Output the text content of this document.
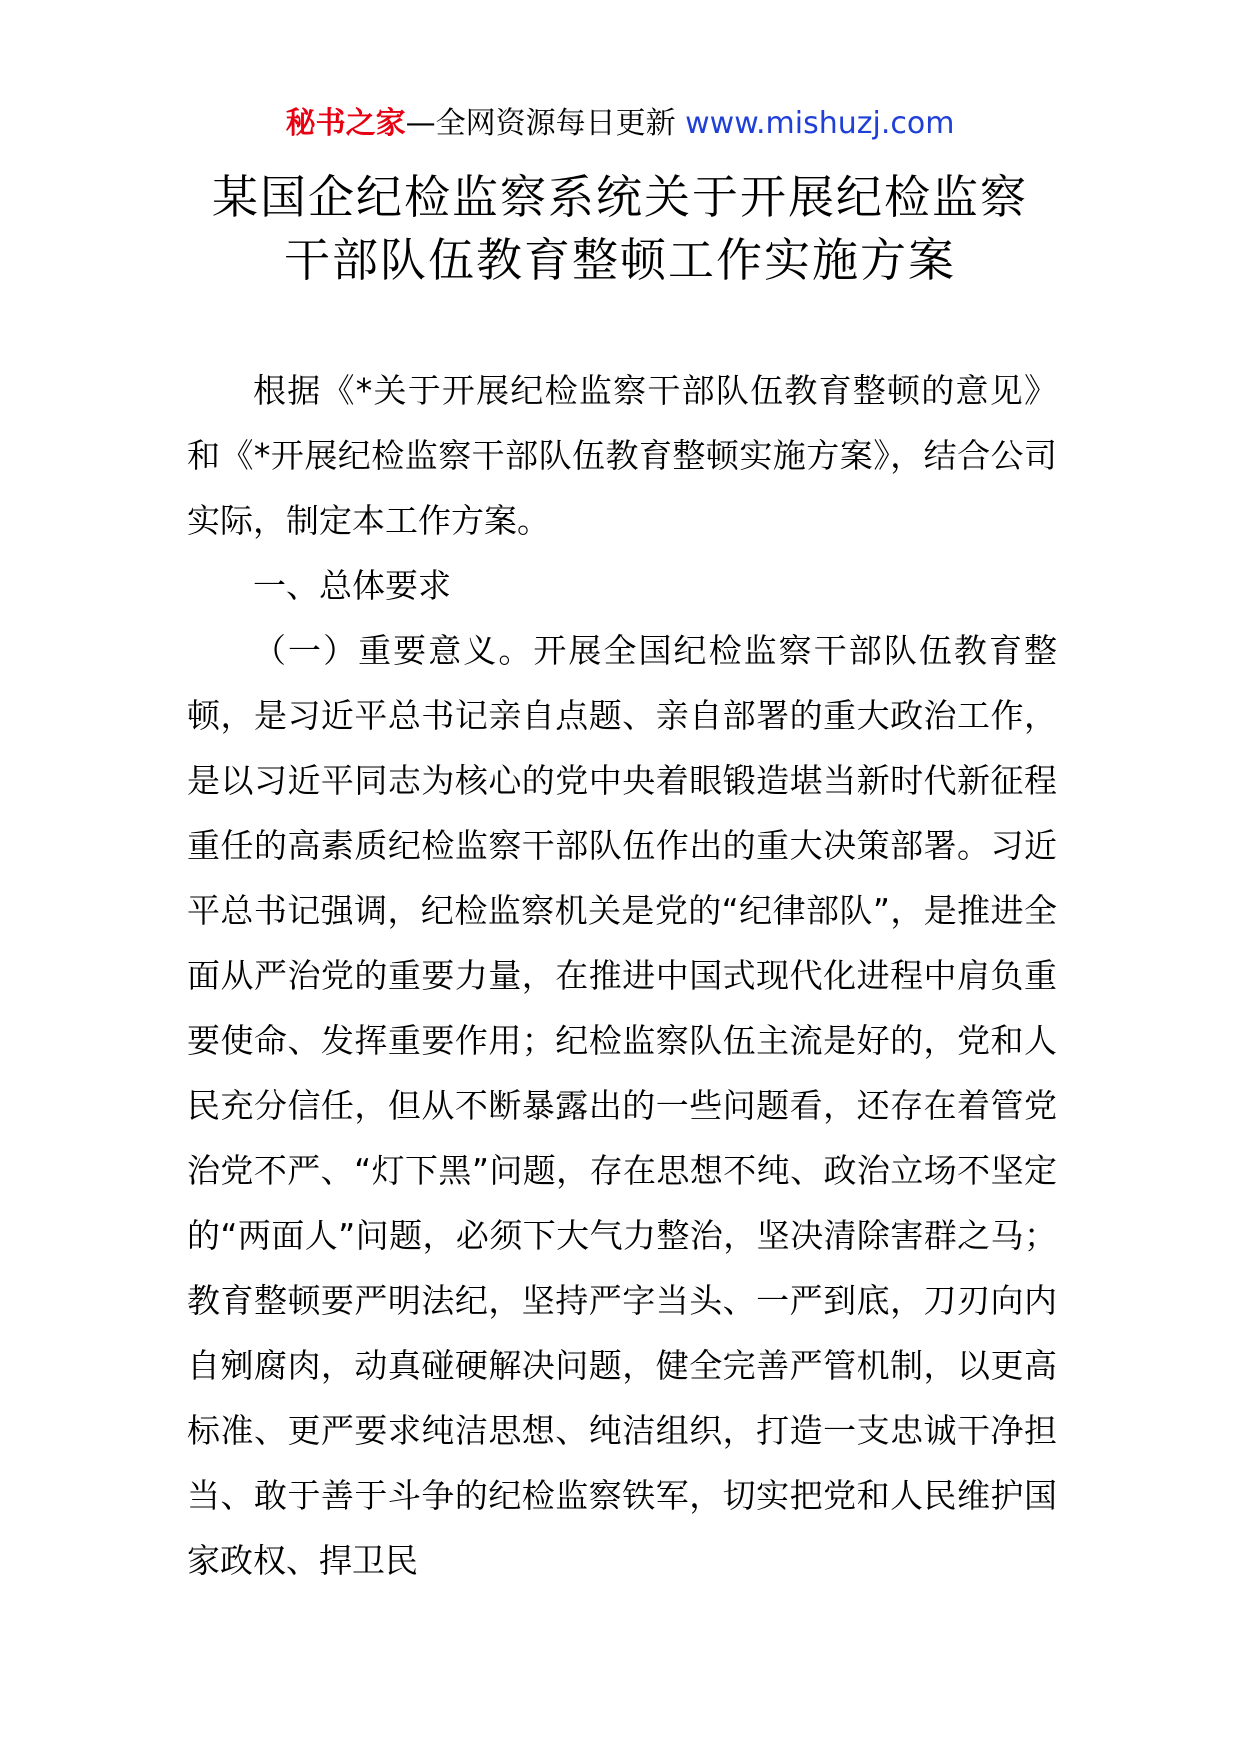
秘书之家—全网资源每日更新 www.mishuzj.com
某国企纪检监察系统关于开展纪检监察
干部队伍教育整顿工作实施方案

根据《*关于开展纪检监察干部队伍教育整顿的意见》和《*开展纪检监察干部队伍教育整顿实施方案》，结合公司实际，制定本工作方案。

一、总体要求

（一）重要意义。开展全国纪检监察干部队伍教育整顿，是习近平总书记亲自点题、亲自部署的重大政治工作，是以习近平同志为核心的党中央着眼锻造堪当新时代新征程重任的高素质纪检监察干部队伍作出的重大决策部署。习近平总书记强调，纪检监察机关是党的“纪律部队”，是推进全面从严治党的重要力量，在推进中国式现代化进程中肩负重要使命、发挥重要作用；纪检监察队伍主流是好的，党和人民充分信任，但从不断暴露出的一些问题看，还存在着管党治党不严、“灯下黑”问题，存在思想不纯、政治立场不坚定的“两面人”问题，必须下大气力整治，坚决清除害群之马；教育整顿要严明法纪，坚持严字当头、一严到底，刀刃向内自剜腐肉，动真碰硬解决问题，健全完善严管机制，以更高标准、更严要求纯洁思想、纯洁组织，打造一支忠诚干净担当、敢于善于斗争的纪检监察铁军，切实把党和人民维护国家政权、捍卫民
